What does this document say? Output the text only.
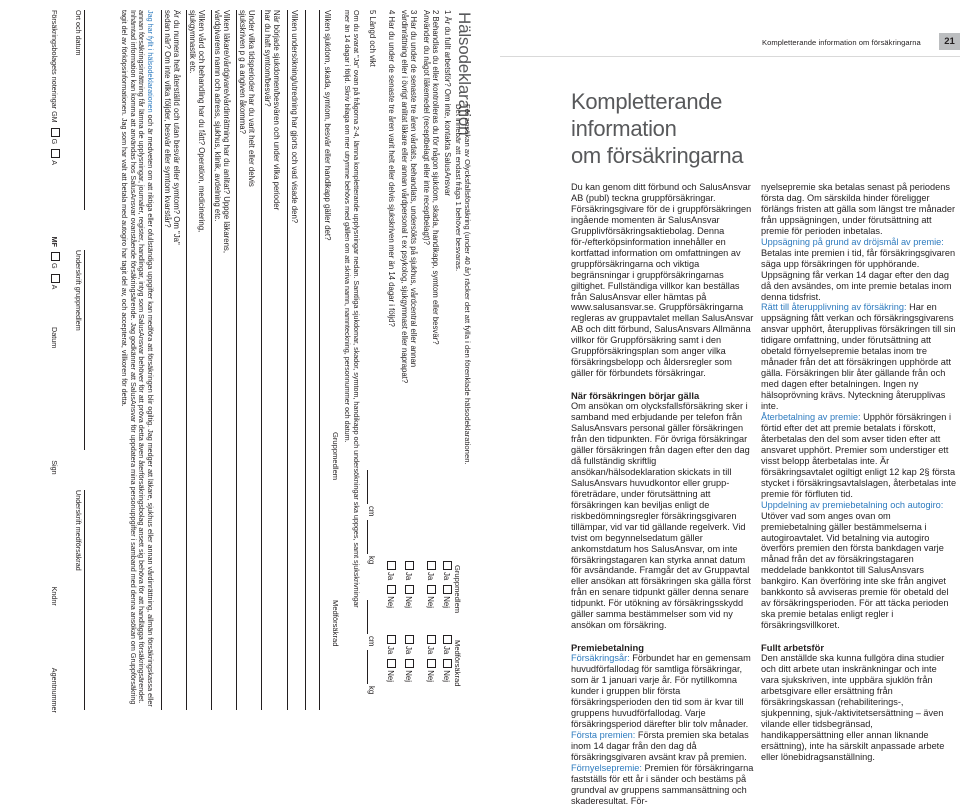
Kompletterande information om försäkringarna	21
Kompletterande information
om försäkringarna

Du kan genom ditt förbund och SalusAnsvar AB (publ) teckna gruppförsäkringar. Försäkringsgivare för de i gruppförsäkringen ingående momenten är SalusAnsvar Grupplivförsäkringsaktiebolag. Denna för-/efterköpsinformation innehåller en kortfattad information om omfattningen av gruppförsäkringarna och viktiga begränsningar i gruppförsäkringarnas giltighet. Fullständiga villkor kan beställas från SalusAnsvar eller hämtas på www.salusansvar.se. Gruppförsäkringarna regleras av gruppavtalet mellan SalusAnsvar AB och ditt förbund, SalusAnsvars Allmänna villkor för Gruppförsäkring samt i den Gruppförsäkringsplan som anger vilka försäkringsbelopp och åldersregler som gäller för förbundets försäkringar.

När försäkringen börjar gälla

Om ansökan om olycksfallsförsäkring sker i samband med erbjudande per telefon från SalusAnsvars personal gäller försäkringen från den tidpunkten. För övriga försäkringar gäller försäkringen från dagen efter den dag då fullständig skriftlig ansökan/hälsodeklaration skickats in till SalusAnsvars huvudkontor eller gruppföreträdare, under förutsättning att försäkringen kan beviljas enligt de riskbedömningsregler försäkringsgivaren tillämpar, vid var tid gällande regelverk. Vid tvist om begynnelsedatum gäller ankomstdatum hos SalusAnsvar, om inte försäkringstagaren kan styrka annat datum för avsändande. Framgår det av Gruppavtal eller ansökan att försäkringen ska gälla först från en senare tidpunkt gäller denna senare tidpunkt. För utökning av försäkringsskydd gäller samma bestämmelser som vid ny ansökan om försäkring.

Premiebetalning

Försäkringsår: Förbundet har en gemensam huvudförfallodag för samtliga försäkringar, som är 1 januari varje år. För nytillkomna kunder i gruppen blir första försäkringsperioden den tid som är kvar till gruppens huvudförfallodag. Varje försäkringsperiod därefter blir tolv månader.

Första premien: Första premien ska betalas inom 14 dagar från den dag då försäkringsgivaren avsänt krav på premien.

Förnyelsepremie: Premien för försäkringarna fastställs för ett år i sänder och bestäms på grundval av gruppens sammansättning och skaderesultat. För-

nyelsepremie ska betalas senast på periodens första dag. Om särskilda hinder föreligger förlängs fristen att gälla som längst tre månader från uppsägningen, under förutsättning att premie för perioden inbetalas.

Uppsägning på grund av dröjsmål av premie: Betalas inte premien i tid, får försäkringsgivaren säga upp försäkringen för upphörande. Uppsägning får verkan 14 dagar efter den dag då den avsändes, om inte premie betalas inom denna tidsfrist.

Rätt till återupplivning av försäkring: Har en uppsägning fått verkan och försäkringsgivarens ansvar upphört, återupplivas försäkringen till sin tidigare omfattning, under förutsättning att obetald förnyelsepremie betalas inom tre månader från det att försäkringen upphörde att gälla. Försäkringen blir åter gällande från och med dagen efter betalningen. Ingen ny hälsoprövning krävs. Nyteckning återupplivas inte.

Återbetalning av premie: Upphör försäkringen i förtid efter det att premie betalats i förskott, återbetalas den del som avser tiden efter att ansvaret upphört. Premier som understiger ett visst belopp återbetalas inte. Är försäkringsavtalet ogiltigt enligt 12 kap 2§ första stycket i försäkringsavtalslagen, återbetalas inte premie för förfluten tid.

Uppdelning av premiebetalning och autogiro: Utöver vad som anges ovan om premiebetalning gäller bestämmelserna i autogiroavtalet. Vid betalning via autogiro överförs premien den första bankdagen varje månad från det av försäkringstagaren meddelade bankkontot till SalusAnsvars bankgiro. Kan överföring inte ske från angivet bankkonto så avviseras premie för obetald del av försäkringsperioden. För att täcka perioden ska premie betalas enligt regler i försäkringsvillkoret.

Fullt arbetsför

Den anställde ska kunna fullgöra dina studier och ditt arbete utan inskränkningar och inte vara sjukskriven, inte uppbära sjuklön från arbetsgivare eller ersättning från försäkringskassan (rehabiliterings-, sjukpenning, sjuk-/aktivitetsersättning – även vilande eller tidsbegränsad, handikappersättning eller annan liknande ersättning), inte ha särskilt anpassade arbete eller lönebidragsanställning.

Hälsodeklaration
För ansökan av Olycksfallsförsäkring (under 40 år) räcker det att fylla i den förenklade hälsodeklarationen.
Det innebär att endast fråga 1 behöver besvaras.
Gruppmedlem
Medförsäkrad
1 Är du fullt arbetsför? Om inte, kontakta SalusAnsvar
JaNej
JaNej
2 Behandlas du eller kontrolleras du för någon sjukdom, skada, handikapp, symtom eller besvär?
Använder du något läkemedel (receptbelagt eller inte receptbelagt)?
JaNej
JaNej
3 Har du under de senaste tre åren vårdats, behandlats, undersökts på sjukhus, vårdcentral eller annan
vårdinrättning eller i övrigt anlitat läkare eller annan vårdpersonal t ex psykolog, sjukgymnast eller naprapat?
JaNej
JaNej
4 Har du under de senaste tre åren varit helt eller delvis sjukskriven mer än 14 dagar i följd?
JaNej
JaNej
5 Längd och vikt
cm
kg
cm
kg
Om du svarat "Ja" ovan på frågorna 2-4, lämna kompletterande upplysningar nedan. Samtliga sjukdomar, skador, symtom, handikapp och undersökningar ska uppges, samt sjukskrivningar
mer än 14 dagar i följd. Skriv bilaga om mer utrymme behövs med gällen om att skriva namn, namnteckning, personnummer och datum.
Gruppmedlem
Medförsäkrad
Vilken sjukdom, skada, symtom, besvär eller handikapp gäller det?
Vilken undersökning/utredning har gjorts och vad visade den?
När började sjukdomen/besvären och under vilka perioder
har du haft symtom/besvär?
Under vilka tidsperioder har du varit helt eller delvis
sjukskriven p g a angiven åkomma?
Vilken läkare/vårdgivare/vårdinrättning har du anlitat? Uppge läkarens,
vårdgivarens namn och adress, sjukhus, klinik, avdelning etc.
Vilken vård och behandling har du fått? Operation, medicinering,
sjukgymnastik etc.
Är du numera helt återställd och utan besvär eller symtom? Om "Ja"
sedan när? Om inte vilka följder, besvär eller symtom kvarstår?
Jag har fyllt i hälsodeklarationen och är medveten om att riktiga eller ofullständiga uppgifter kan medföra att försäkringen blir ogiltig. Jag medger att läkare, sjukhus eller annan vårdinrättning, allmän försäkringskassa eller annan försäkringsinrättning får lämna de upplysningar, journaler, register, handlingar, intyg som SalusAnsvar behöver för att pröva detta även återförsäkringsbolag ansett sig behöva för att handlägga försäkringsärendet. Inhämtad information kan komma att användas hos SalusAnsvar ovanstående försäkringsärende. Jag godkänner att SalusAnsvar för uppdatera mina personuppgifter i samband med denna ansökan om Gruppförsäkring tagit del av förköpsinformationen. Jag som har valt att betala med autogiro har tagit del av, och accepterat, villkoren för detta.
Ort och datum
Underskrift gruppmedlem
Underskrift medförsäkrad
Försäkringsbolagets noteringar GMGA MFGA Datum Sign Kndnr Agentnummer
